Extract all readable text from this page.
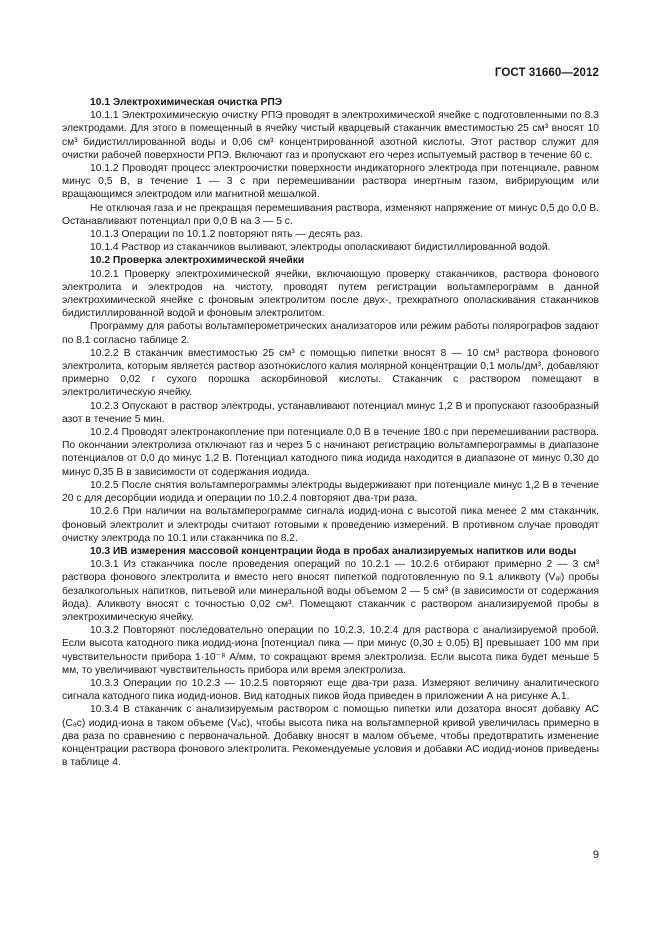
ГОСТ 31660—2012

10.1 Электрохимическая очистка РПЭ

10.1.1 Электрохимическую очистку РПЭ проводят в электрохимической ячейке с подготовленными по 8.3 электродами. Для этого в помещенный в ячейку чистый кварцевый стаканчик вместимостью 25 см³ вносят 10 см³ бидистиллированной воды и 0,06 см³ концентрированной азотной кислоты. Этот раствор служит для очистки рабочей поверхности РПЭ. Включают газ и пропускают его через испытуемый раствор в течение 60 с.

10.1.2 Проводят процесс электроочистки поверхности индикаторного электрода при потенциале, равном минус 0,5 В, в течение 1 — 3 с при перемешивании раствора инертным газом, вибрирующим или вращающимся электродом или магнитной мешалкой.

Не отключая газа и не прекращая перемешивания раствора, изменяют напряжение от минус 0,5 до 0,0 В. Останавливают потенциал при 0,0 В на 3 — 5 с.

10.1.3 Операции по 10.1.2 повторяют пять — десять раз.

10.1.4 Раствор из стаканчиков выливают, электроды ополаскивают бидистиллированной водой.

10.2 Проверка электрохимической ячейки

10.2.1 Проверку электрохимической ячейки, включающую проверку стаканчиков, раствора фонового электролита и электродов на чистоту, проводят путем регистрации вольтамперограмм в данной электрохимической ячейке с фоновым электролитом после двух-, трехкратного ополаскивания стаканчиков бидистиллированной водой и фоновым электролитом.

Программу для работы вольтамперометрических анализаторов или режим работы полярографов задают по 8.1 согласно таблице 2.

10.2.2 В стаканчик вместимостью 25 см³ с помощью пипетки вносят 8 — 10 см³ раствора фонового электролита, которым является раствор азотнокислого калия молярной концентрации 0,1 моль/дм³, добавляют примерно 0,02 г сухого порошка аскорбиновой кислоты. Стаканчик с раствором помещают в электролитическую ячейку.

10.2.3 Опускают в раствор электроды, устанавливают потенциал минус 1,2 В и пропускают газообразный азот в течение 5 мин.

10.2.4 Проводят электронакопление при потенциале 0,0 В в течение 180 с при перемешивании раствора. По окончании электролиза отключают газ и через 5 с начинают регистрацию вольтамперограммы в диапазоне потенциалов от 0,0 до минус 1,2 В. Потенциал катодного пика иодида находится в диапазоне от минус 0,30 до минус 0,35 В в зависимости от содержания иодида.

10.2.5 После снятия вольтамперограммы электроды выдерживают при потенциале минус 1,2 В в течение 20 с для десорбции иодида и операции по 10.2.4 повторяют два-три раза.

10.2.6 При наличии на вольтамперограмме сигнала иодид-иона с высотой пика менее 2 мм стаканчик, фоновый электролит и электроды считают готовыми к проведению измерений. В противном случае проводят очистку электрода по 10.1 или стаканчика по 8.2.

10.3 ИВ измерения массовой концентрации йода в пробах анализируемых напитков или воды

10.3.1 Из стаканчика после проведения операций по 10.2.1 — 10.2.6 отбирают примерно 2 — 3 см³ раствора фонового электролита и вместо него вносят пипеткой подготовленную по 9.1 аликвоту (Vₐₗ) пробы безалкогольных напитков, питьевой или минеральной воды объемом 2 — 5 см³ (в зависимости от содержания йода). Аликвоту вносят с точностью 0,02 см³. Помещают стаканчик с раствором анализируемой пробы в электрохимическую ячейку.

10.3.2 Повторяют последовательно операции по 10.2.3, 10.2.4 для раствора с анализируемой пробой. Если высота катодного пика иодид-иона [потенциал пика — при минус (0,30 ± 0,05) В] превышает 100 мм при чувствительности прибора 1·10⁻⁸ А/мм, то сокращают время электролиза. Если высота пика будет меньше 5 мм, то увеличивают чувствительность прибора или время электролиза.

10.3.3 Операции по 10.2.3 — 10.2.5 повторяют еще два-три раза. Измеряют величину аналитического сигнала катодного пика иодид-ионов. Вид катодных пиков йода приведен в приложении А на рисунке А.1.

10.3.4 В стаканчик с анализируемым раствором с помощью пипетки или дозатора вносят добавку АС (Cₐc) иодид-иона в таком объеме (Vₐc), чтобы высота пика на вольтамперной кривой увеличилась примерно в два раза по сравнению с первоначальной. Добавку вносят в малом объеме, чтобы предотвратить изменение концентрации раствора фонового электролита. Рекомендуемые условия и добавки АС иодид-ионов приведены в таблице 4.

9
